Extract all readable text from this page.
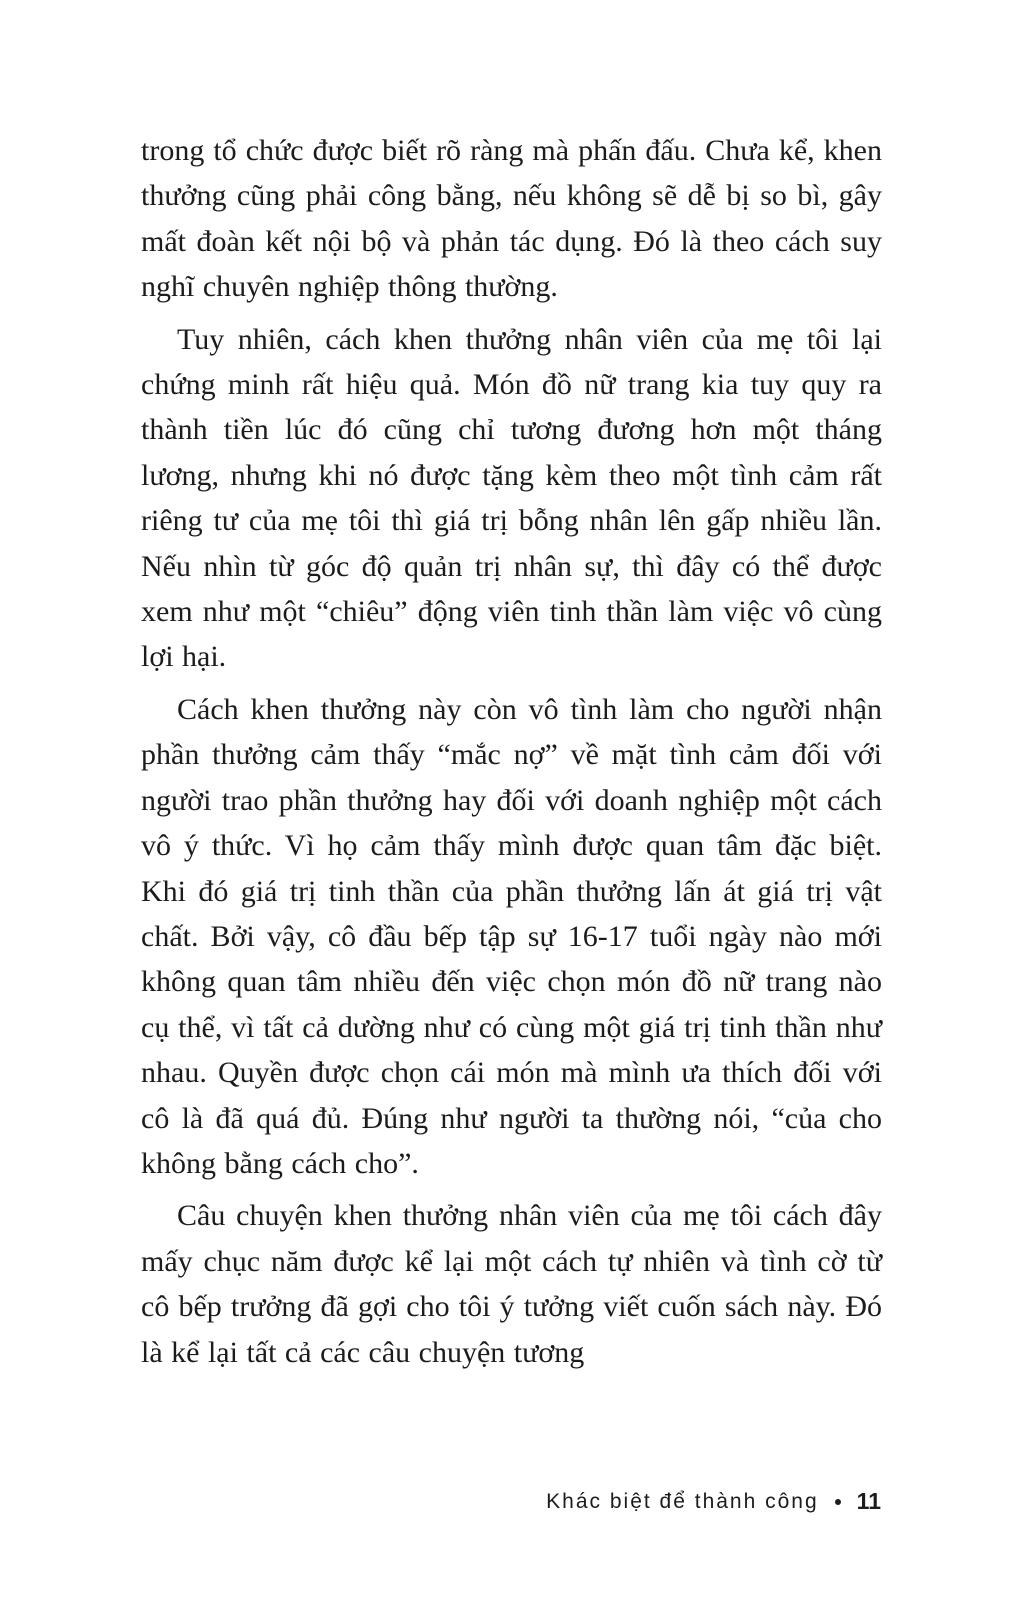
trong tổ chức được biết rõ ràng mà phấn đấu. Chưa kể, khen thưởng cũng phải công bằng, nếu không sẽ dễ bị so bì, gây mất đoàn kết nội bộ và phản tác dụng. Đó là theo cách suy nghĩ chuyên nghiệp thông thường.

Tuy nhiên, cách khen thưởng nhân viên của mẹ tôi lại chứng minh rất hiệu quả. Món đồ nữ trang kia tuy quy ra thành tiền lúc đó cũng chỉ tương đương hơn một tháng lương, nhưng khi nó được tặng kèm theo một tình cảm rất riêng tư của mẹ tôi thì giá trị bỗng nhân lên gấp nhiều lần. Nếu nhìn từ góc độ quản trị nhân sự, thì đây có thể được xem như một “chiêu” động viên tinh thần làm việc vô cùng lợi hại.

Cách khen thưởng này còn vô tình làm cho người nhận phần thưởng cảm thấy “mắc nợ” về mặt tình cảm đối với người trao phần thưởng hay đối với doanh nghiệp một cách vô ý thức. Vì họ cảm thấy mình được quan tâm đặc biệt. Khi đó giá trị tinh thần của phần thưởng lấn át giá trị vật chất. Bởi vậy, cô đầu bếp tập sự 16-17 tuổi ngày nào mới không quan tâm nhiều đến việc chọn món đồ nữ trang nào cụ thể, vì tất cả dường như có cùng một giá trị tinh thần như nhau. Quyền được chọn cái món mà mình ưa thích đối với cô là đã quá đủ. Đúng như người ta thường nói, “của cho không bằng cách cho”.

Câu chuyện khen thưởng nhân viên của mẹ tôi cách đây mấy chục năm được kể lại một cách tự nhiên và tình cờ từ cô bếp trưởng đã gợi cho tôi ý tưởng viết cuốn sách này. Đó là kể lại tất cả các câu chuyện tương

Khác biệt để thành công 11
